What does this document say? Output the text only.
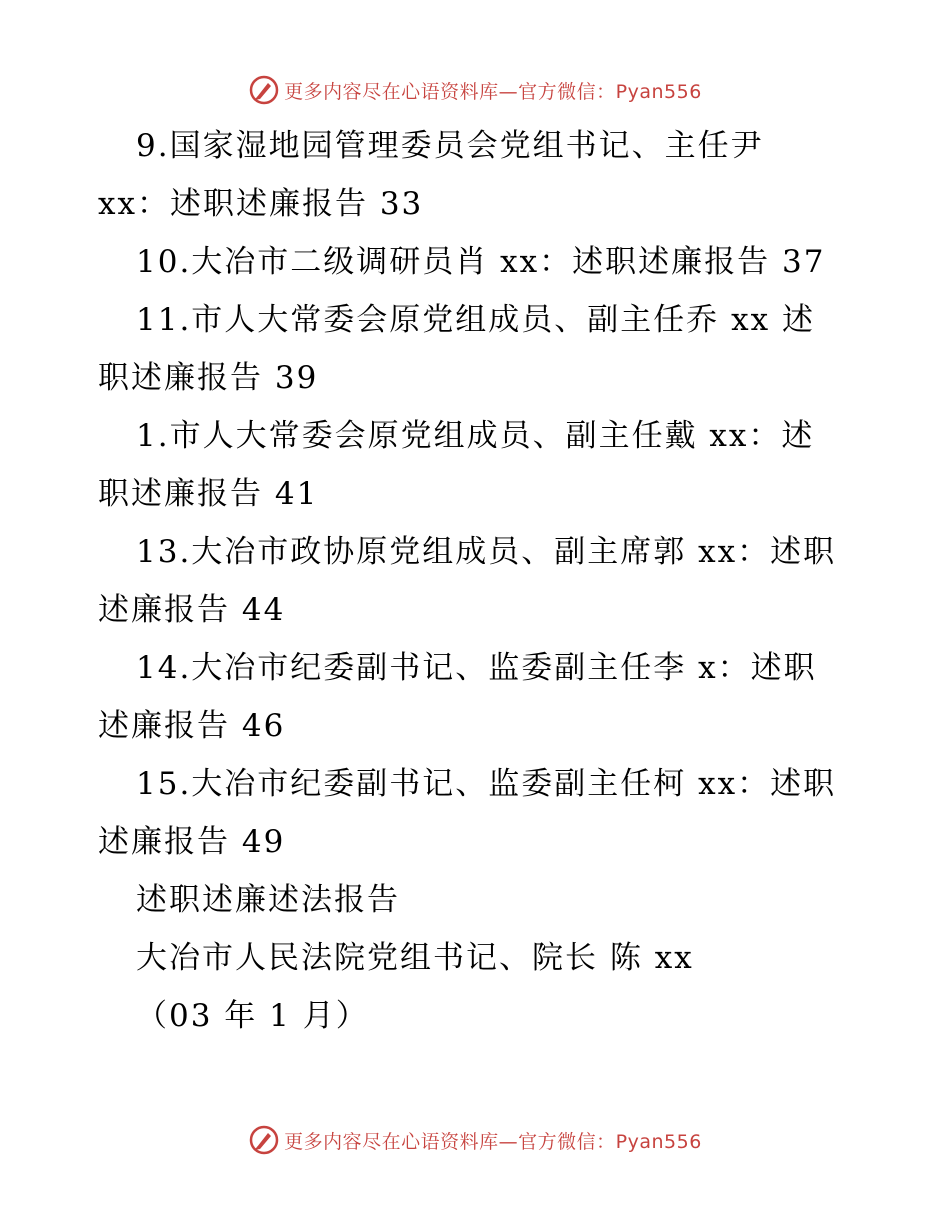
更多内容尽在心语资料库—官方微信：Pyan556
9.国家湿地园管理委员会党组书记、主任尹
xx：述职述廉报告 33
10.大冶市二级调研员肖 xx：述职述廉报告 37
11.市人大常委会原党组成员、副主任乔 xx 述
职述廉报告 39
1.市人大常委会原党组成员、副主任戴 xx：述
职述廉报告 41
13.大冶市政协原党组成员、副主席郭 xx：述职
述廉报告 44
14.大冶市纪委副书记、监委副主任李 x：述职
述廉报告 46
15.大冶市纪委副书记、监委副主任柯 xx：述职
述廉报告 49
述职述廉述法报告
大冶市人民法院党组书记、院长 陈 xx
（03 年 1 月）
更多内容尽在心语资料库—官方微信：Pyan556
